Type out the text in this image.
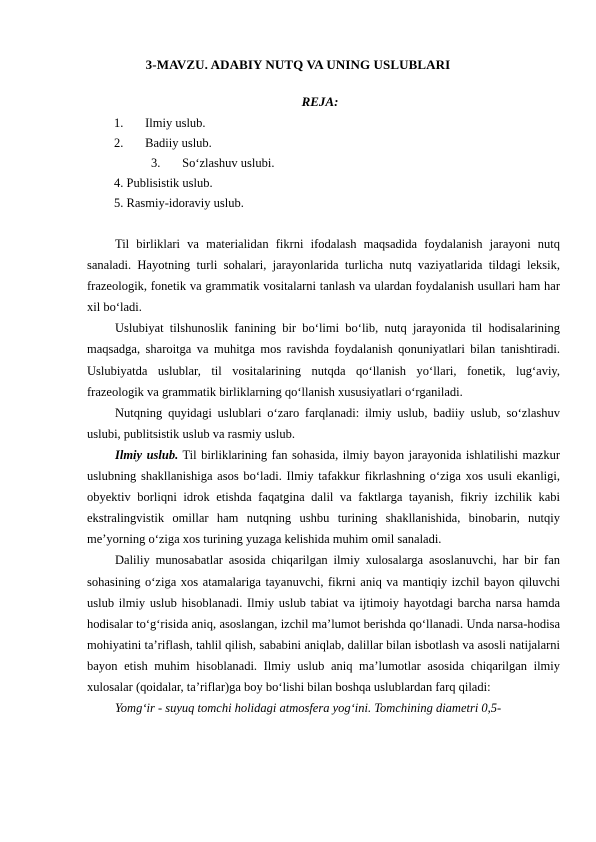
3-MAVZU. ADABIY NUTQ VA UNING USLUBLARI
REJA:
1. Ilmiy uslub.
2. Badiiy uslub.
3. So‘zlashuv uslubi.
4. Publisistik uslub.
5. Rasmiy-idoraviy uslub.

Til birliklari va materialidan fikrni ifodalash maqsadida foydalanish jarayoni nutq sanaladi. Hayotning turli sohalari, jarayonlarida turlicha nutq vaziyatlarida tildagi leksik, frazeologik, fonetik va grammatik vositalarni tanlash va ulardan foydalanish usullari ham har xil bo‘ladi.

Uslubiyat tilshunoslik fanining bir bo‘limi bo‘lib, nutq jarayonida til hodisalarining maqsadga, sharoitga va muhitga mos ravishda foydalanish qonuniyatlari bilan tanishtiradi. Uslubiyatda uslublar, til vositalarining nutqda qo‘llanish yo‘llari, fonetik, lug‘aviy, frazeologik va grammatik birliklarning qo‘llanish xususiyatlari o‘rganiladi.

Nutqning quyidagi uslublari o‘zaro farqlanadi: ilmiy uslub, badiiy uslub, so‘zlashuv uslubi, publitsistik uslub va rasmiy uslub.

Ilmiy uslub. Til birliklarining fan sohasida, ilmiy bayon jarayonida ishlatilishi mazkur uslubning shakllanishiga asos bo‘ladi. Ilmiy tafakkur fikrlashning o‘ziga xos usuli ekanligi, obyektiv borliqni idrok etishda faqatgina dalil va faktlarga tayanish, fikriy izchilik kabi ekstralingvistik omillar ham nutqning ushbu turining shakllanishida, binobarin, nutqiy me’yorning o‘ziga xos turining yuzaga kelishida muhim omil sanaladi.

Daliliy munosabatlar asosida chiqarilgan ilmiy xulosalarga asoslanuvchi, har bir fan sohasining o‘ziga xos atamalariga tayanuvchi, fikrni aniq va mantiqiy izchil bayon qiluvchi uslub ilmiy uslub hisoblanadi. Ilmiy uslub tabiat va ijtimoiy hayotdagi barcha narsa hamda hodisalar to‘g‘risida aniq, asoslangan, izchil ma’lumot berishda qo‘llanadi. Unda narsa-hodisa mohiyatini ta’riflash, tahlil qilish, sababini aniqlab, dalillar bilan isbotlash va asosli natijalarni bayon etish muhim hisoblanadi. Ilmiy uslub aniq ma’lumotlar asosida chiqarilgan ilmiy xulosalar (qoidalar, ta’riflar)ga boy bo‘lishi bilan boshqa uslublardan farq qiladi:

Yomg‘ir - suyuq tomchi holidagi atmosfera yog‘ini. Tomchining diametri 0,5-
